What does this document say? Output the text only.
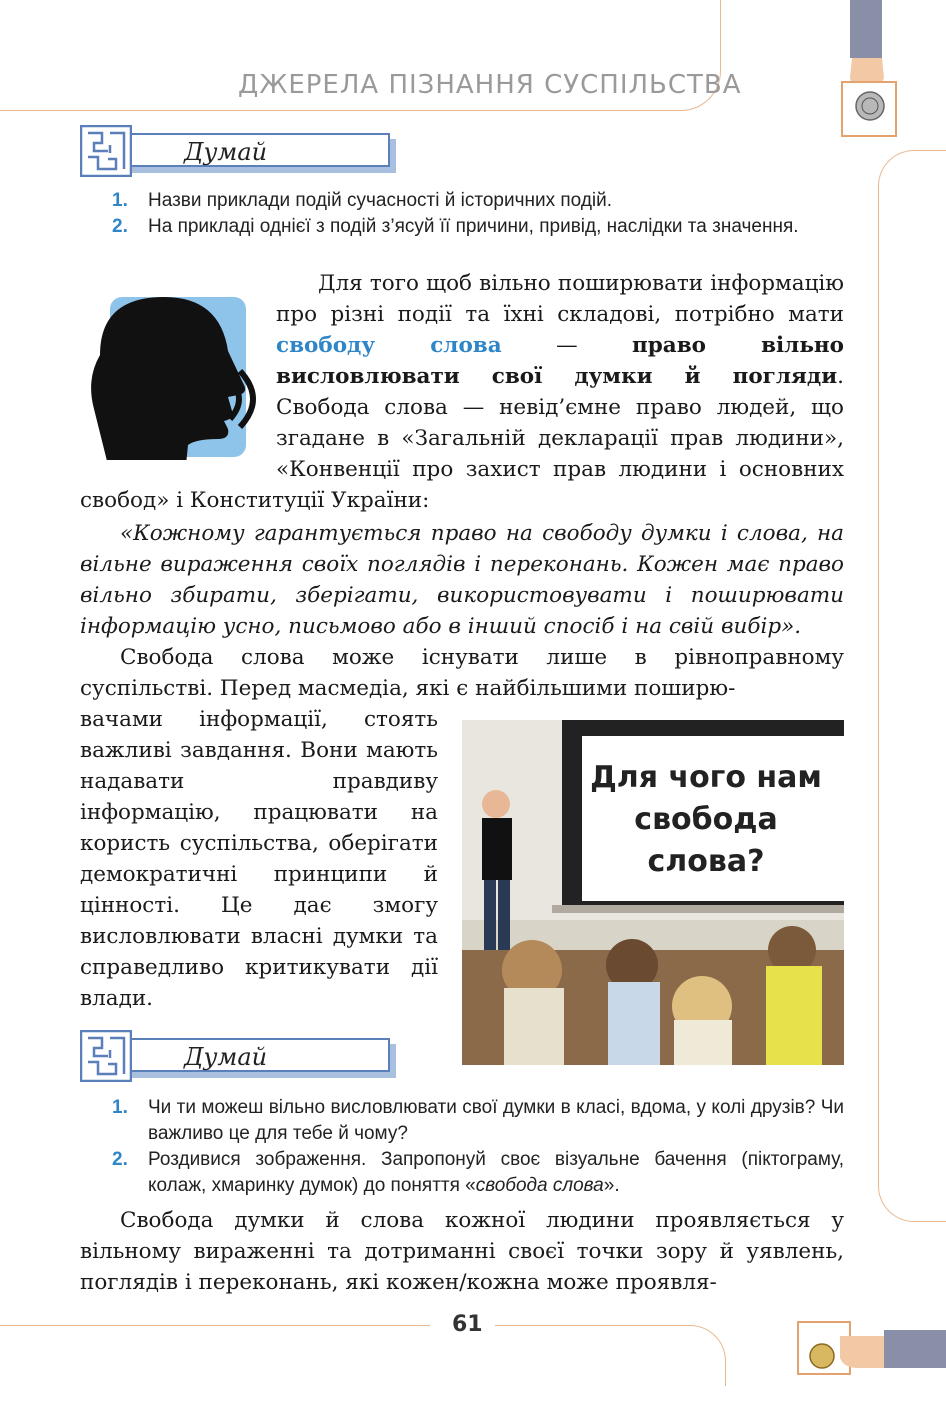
ДЖЕРЕЛА ПІЗНАННЯ СУСПІЛЬСТВА
Думай
1. Назви приклади подій сучасності й історичних подій.
2. На прикладі однієї з подій з’ясуй її причини, привід, наслідки та значення.
Для того щоб вільно поширювати інформацію про різні події та їхні складові, потрібно мати свободу слова — право вільно висловлювати свої думки й погляди. Свобода слова — невід’ємне право людей, що згадане в «Загальній декларації прав людини», «Конвенції про захист прав людини і основних свобод» і Конституції України:
«Кожному гарантується право на свободу думки і слова, на вільне вираження своїх поглядів і переконань. Кожен має право вільно збирати, зберігати, використовувати і поширювати інформацію усно, письмово або в інший спосіб і на свій вибір».
Свобода слова може існувати лише в рівноправному суспільстві. Перед масмедіа, які є найбільшими поширю-
вачами інформації, стоять важливі завдання. Вони мають надавати правдиву інформацію, працювати на користь суспільства, оберігати демократичні принципи й цінності. Це дає змогу висловлювати власні думки та справедливо критикувати дії влади.
Для чого нам свобода слова?
Думай
1. Чи ти можеш вільно висловлювати свої думки в класі, вдома, у колі друзів? Чи важливо це для тебе й чому?
2. Роздивися зображення. Запропонуй своє візуальне бачення (піктограму, колаж, хмаринку думок) до поняття «свобода слова».
Свобода думки й слова кожної людини проявляється у вільному вираженні та дотриманні своєї точки зору й уявлень, поглядів і переконань, які кожен/кожна може проявля-
61
